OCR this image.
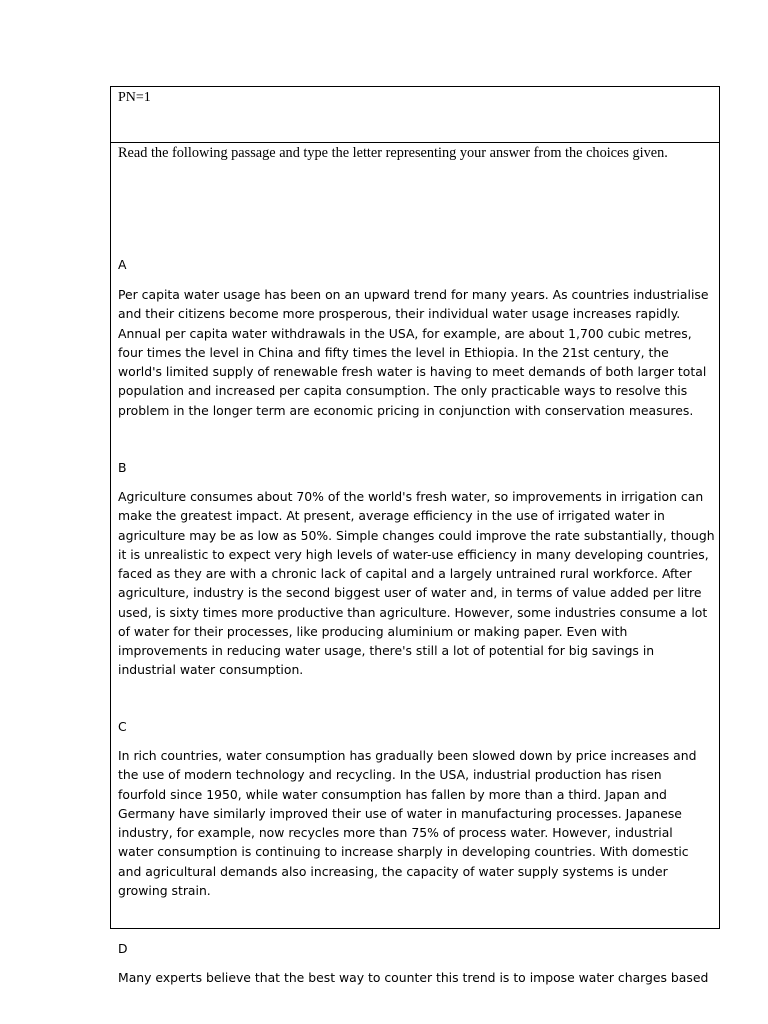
PN=1
Read the following passage and type the letter representing your answer from the choices given.
A
Per capita water usage has been on an upward trend for many years. As countries industrialise
and their citizens become more prosperous, their individual water usage increases rapidly.
Annual per capita water withdrawals in the USA, for example, are about 1,700 cubic metres,
four times the level in China and fifty times the level in Ethiopia. In the 21st century, the
world's limited supply of renewable fresh water is having to meet demands of both larger total
population and increased per capita consumption. The only practicable ways to resolve this
problem in the longer term are economic pricing in conjunction with conservation measures.
B
Agriculture consumes about 70% of the world's fresh water, so improvements in irrigation can
make the greatest impact. At present, average efficiency in the use of irrigated water in
agriculture may be as low as 50%. Simple changes could improve the rate substantially, though
it is unrealistic to expect very high levels of water-use efficiency in many developing countries,
faced as they are with a chronic lack of capital and a largely untrained rural workforce. After
agriculture, industry is the second biggest user of water and, in terms of value added per litre
used, is sixty times more productive than agriculture. However, some industries consume a lot
of water for their processes, like producing aluminium or making paper. Even with
improvements in reducing water usage, there's still a lot of potential for big savings in
industrial water consumption.
C
In rich countries, water consumption has gradually been slowed down by price increases and
the use of modern technology and recycling. In the USA, industrial production has risen
fourfold since 1950, while water consumption has fallen by more than a third. Japan and
Germany have similarly improved their use of water in manufacturing processes. Japanese
industry, for example, now recycles more than 75% of process water. However, industrial
water consumption is continuing to increase sharply in developing countries. With domestic
and agricultural demands also increasing, the capacity of water supply systems is under
growing strain.
D
Many experts believe that the best way to counter this trend is to impose water charges based
